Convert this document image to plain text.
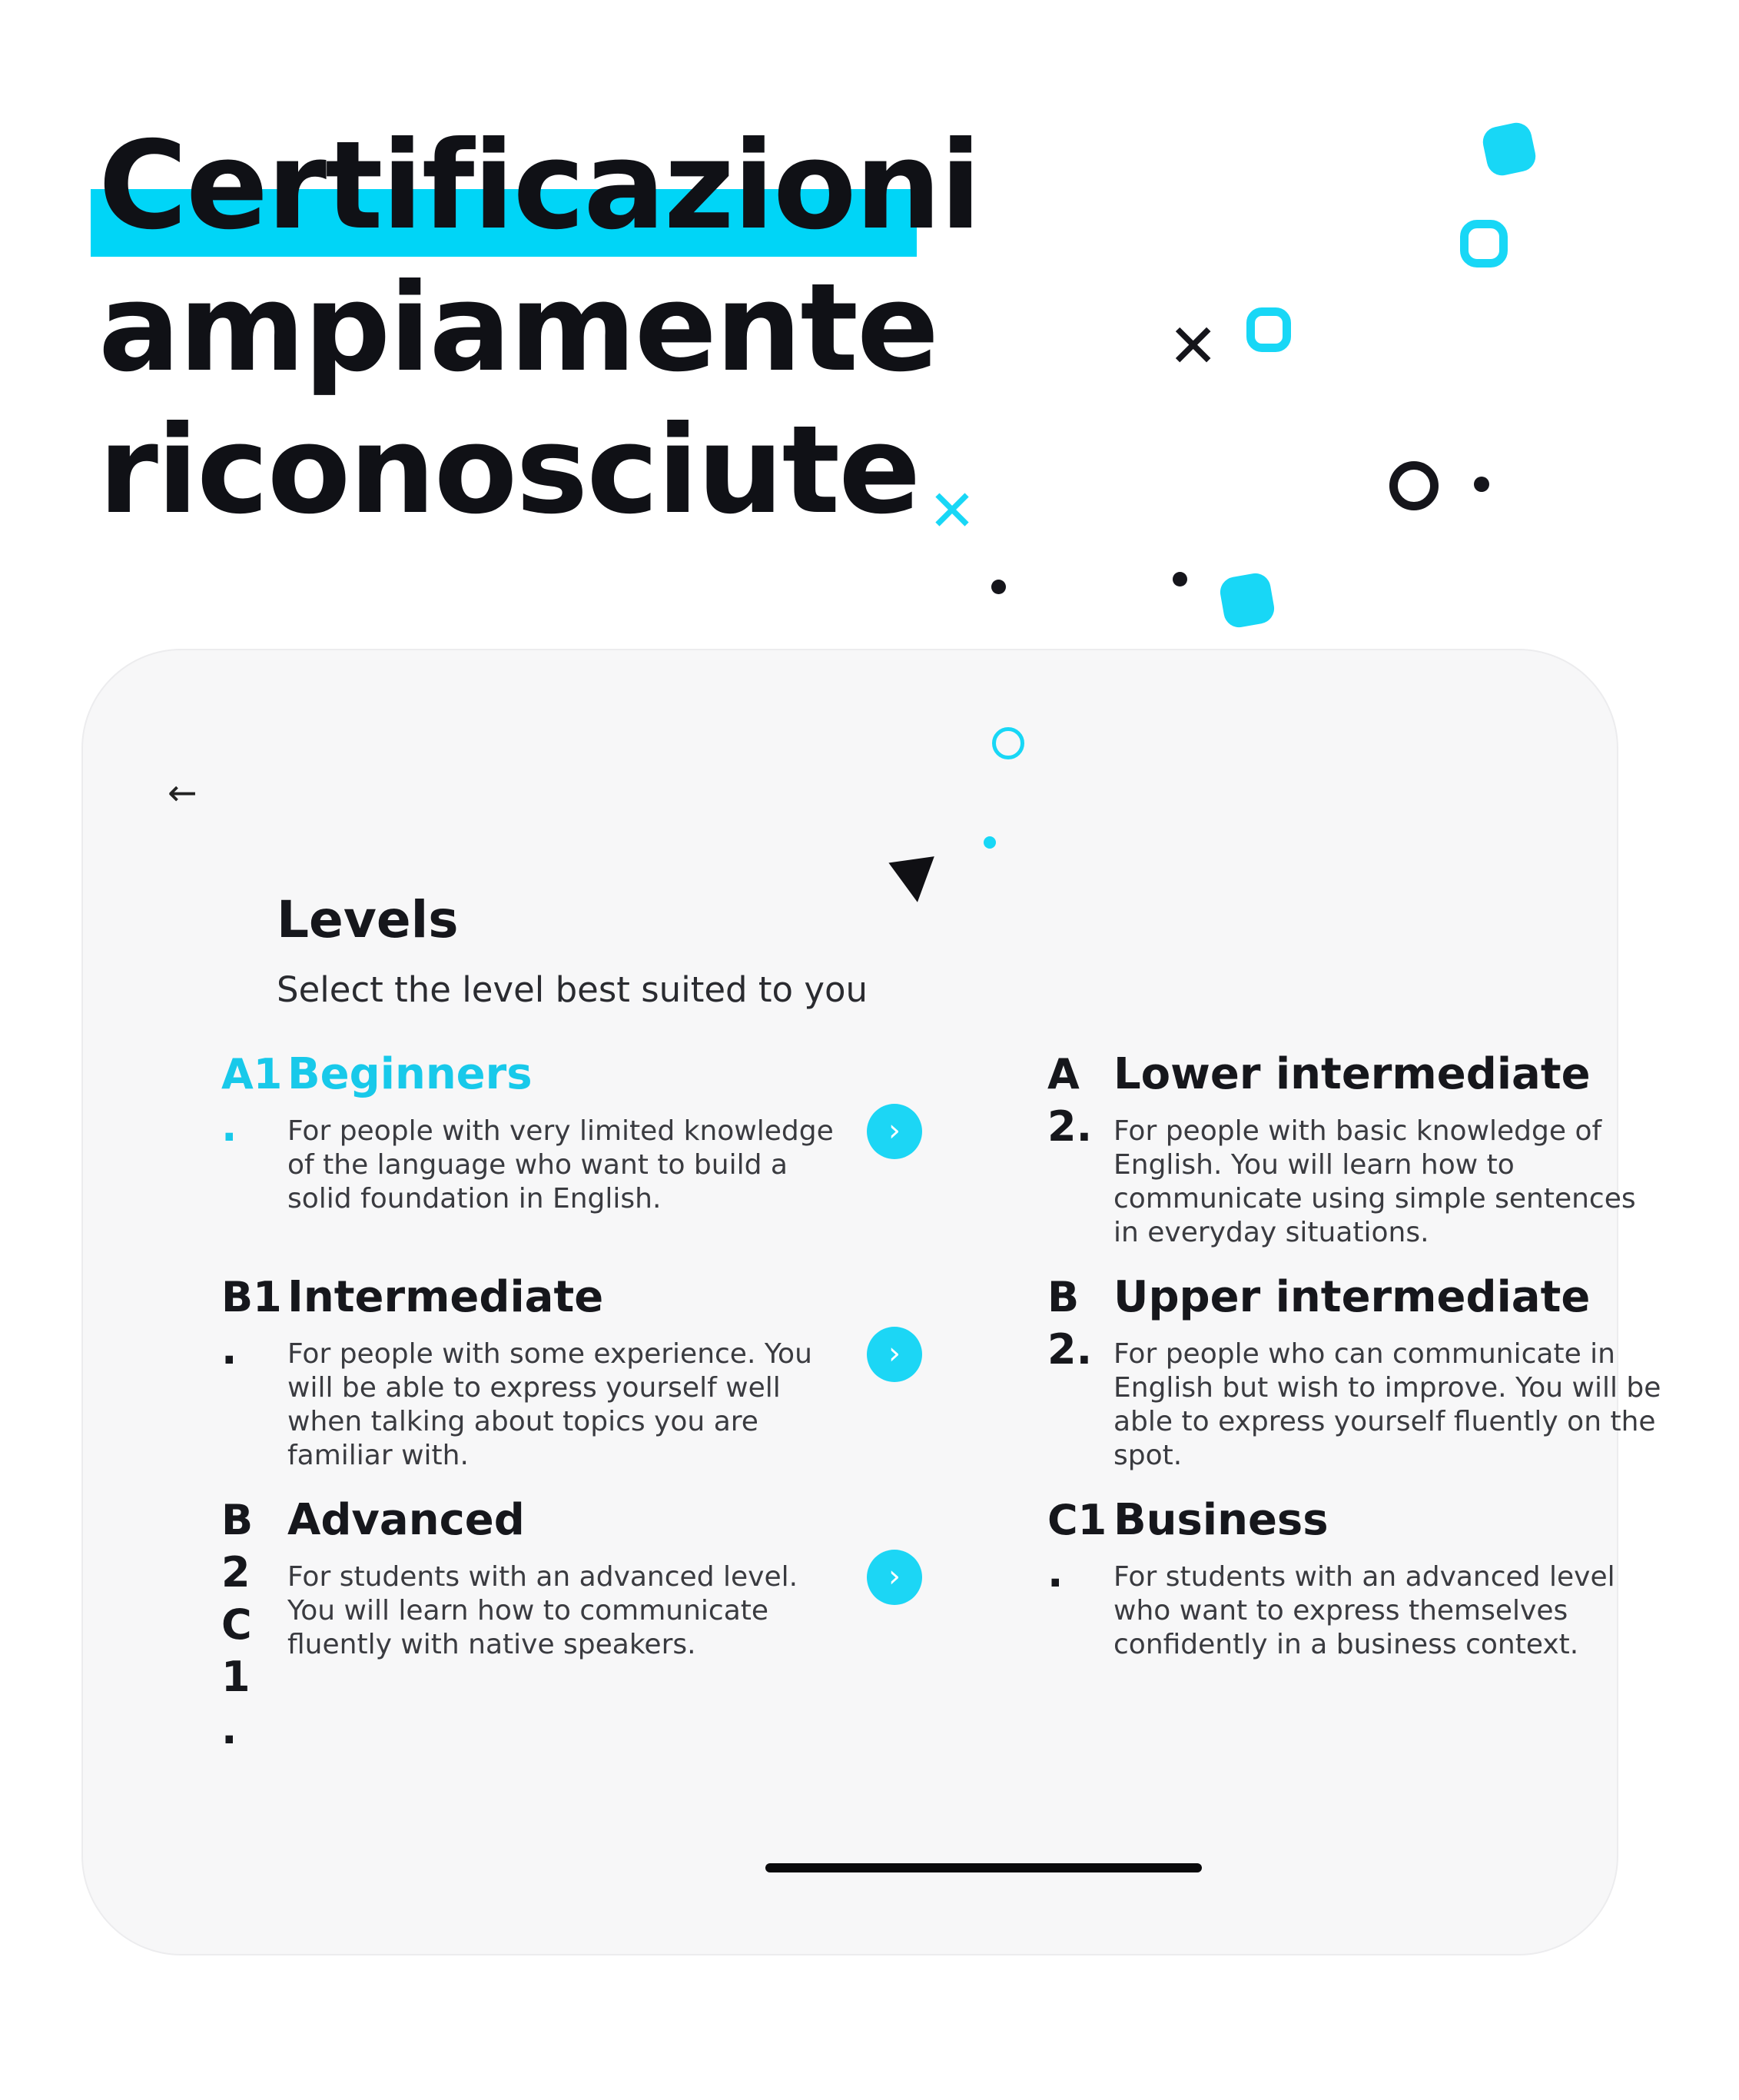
Certificazioni
ampiamente
riconosciute
✕
✕
←
Levels

Select the level best suited to you

A1
.
Beginners
For people with very limited knowledge of the language who want to build a solid foundation in English.
›
B1
.
Intermediate
For people with some experience. You will be able to express yourself well when talking about topics you are familiar with.
›
B
2
C1
.
Advanced
For students with an advanced level. You will learn how to communicate fluently with native speakers.
›
A
2.
Lower intermediate
For people with basic knowledge of English. You will learn how to communicate using simple sentences in everyday situations.
B
2.
Upper intermediate
For people who can communicate in English but wish to improve. You will be able to express yourself fluently on the spot.
C1
.
Business
For students with an advanced level who want to express themselves confidently in a business context.
